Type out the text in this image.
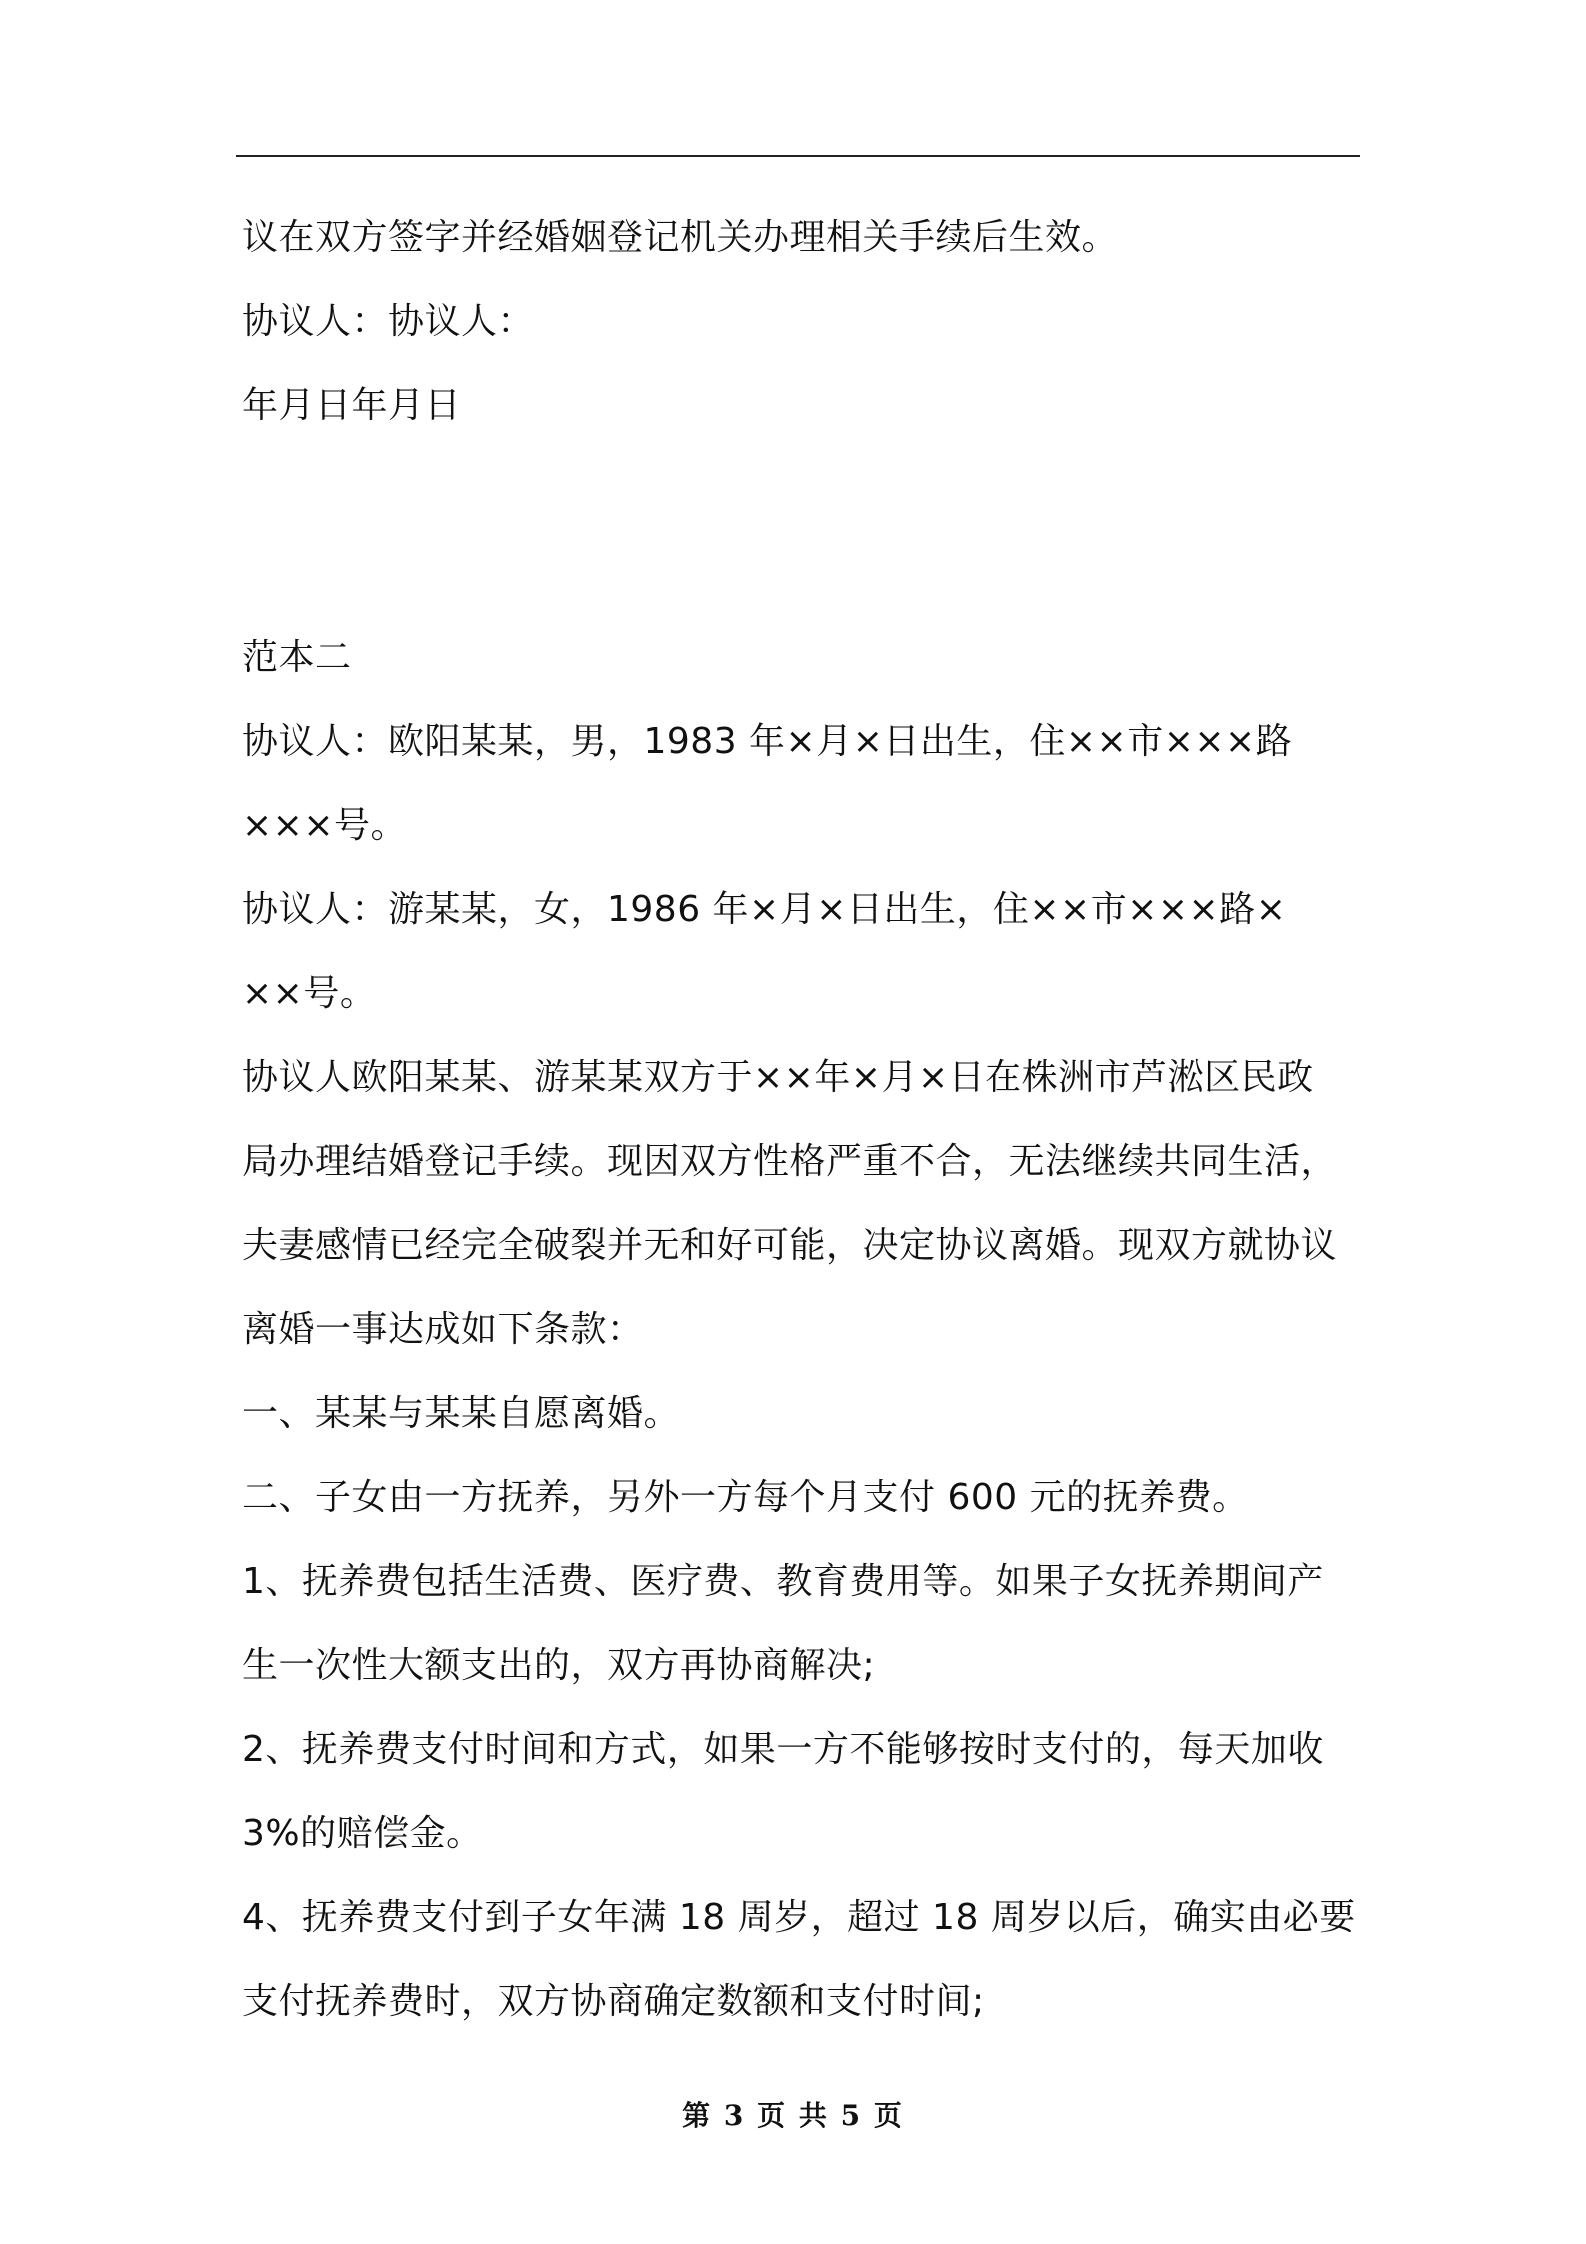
议在双方签字并经婚姻登记机关办理相关手续后生效。
协议人：协议人：
年月日年月日
范本二
协议人：欧阳某某，男，1983 年×月×日出生，住××市×××路
×××号。
协议人：游某某，女，1986 年×月×日出生，住××市×××路×
××号。
协议人欧阳某某、游某某双方于××年×月×日在株洲市芦淞区民政
局办理结婚登记手续。现因双方性格严重不合，无法继续共同生活，
夫妻感情已经完全破裂并无和好可能，决定协议离婚。现双方就协议
离婚一事达成如下条款：
一、某某与某某自愿离婚。
二、子女由一方抚养，另外一方每个月支付 600 元的抚养费。
1、抚养费包括生活费、医疗费、教育费用等。如果子女抚养期间产
生一次性大额支出的，双方再协商解决;
2、抚养费支付时间和方式，如果一方不能够按时支付的，每天加收
3%的赔偿金。
4、抚养费支付到子女年满 18 周岁，超过 18 周岁以后，确实由必要
支付抚养费时，双方协商确定数额和支付时间;
第 3 页 共 5 页
